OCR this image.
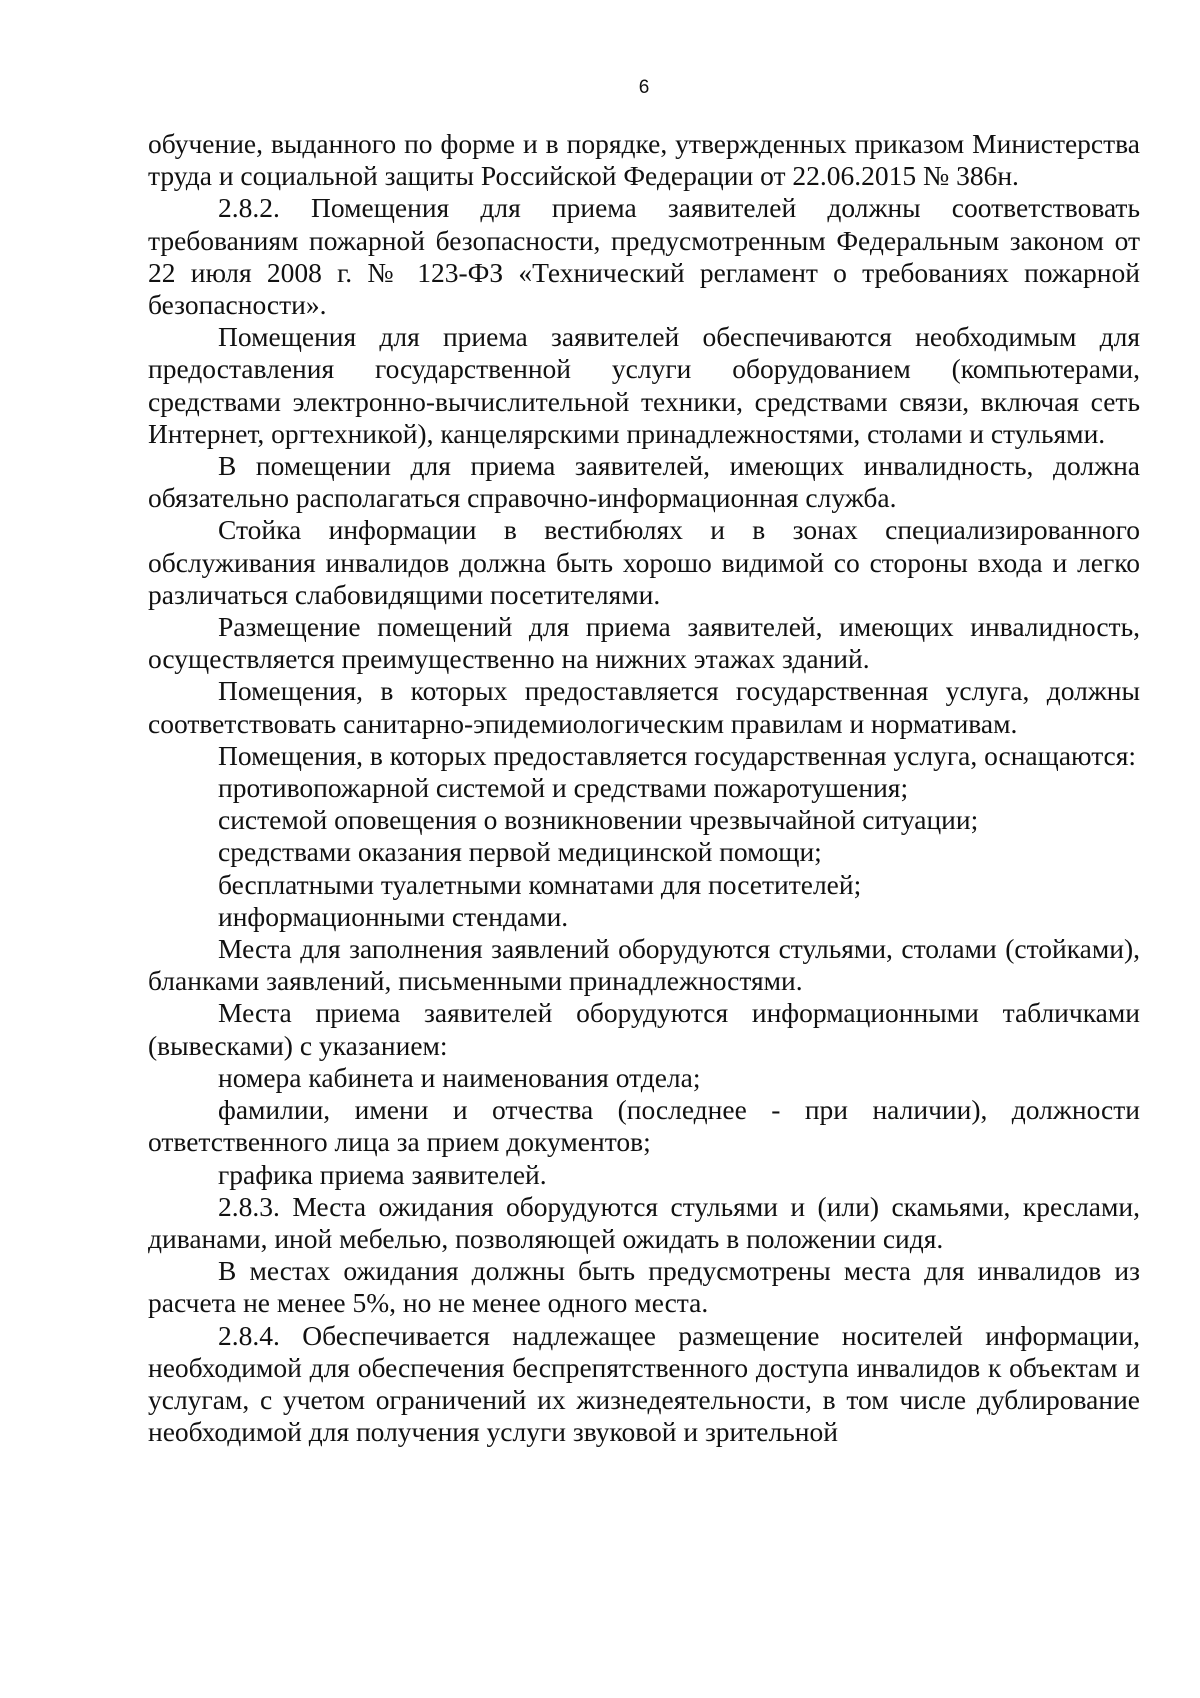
6

обучение, выданного по форме и в порядке, утвержденных приказом Министерства труда и социальной защиты Российской Федерации от 22.06.2015 № 386н.

2.8.2. Помещения для приема заявителей должны соответствовать требованиям пожарной безопасности, предусмотренным Федеральным законом от 22 июля 2008 г. № 123-ФЗ «Технический регламент о требованиях пожарной безопасности».

Помещения для приема заявителей обеспечиваются необходимым для предоставления государственной услуги оборудованием (компьютерами, средствами электронно-вычислительной техники, средствами связи, включая сеть Интернет, оргтехникой), канцелярскими принадлежностями, столами и стульями.

В помещении для приема заявителей, имеющих инвалидность, должна обязательно располагаться справочно-информационная служба.

Стойка информации в вестибюлях и в зонах специализированного обслуживания инвалидов должна быть хорошо видимой со стороны входа и легко различаться слабовидящими посетителями.

Размещение помещений для приема заявителей, имеющих инвалидность, осуществляется преимущественно на нижних этажах зданий.

Помещения, в которых предоставляется государственная услуга, должны соответствовать санитарно-эпидемиологическим правилам и нормативам.

Помещения, в которых предоставляется государственная услуга, оснащаются:

противопожарной системой и средствами пожаротушения;

системой оповещения о возникновении чрезвычайной ситуации;

средствами оказания первой медицинской помощи;

бесплатными туалетными комнатами для посетителей;

информационными стендами.

Места для заполнения заявлений оборудуются стульями, столами (стойками), бланками заявлений, письменными принадлежностями.

Места приема заявителей оборудуются информационными табличками (вывесками) с указанием:

номера кабинета и наименования отдела;

фамилии, имени и отчества (последнее - при наличии), должности ответственного лица за прием документов;

графика приема заявителей.

2.8.3. Места ожидания оборудуются стульями и (или) скамьями, креслами, диванами, иной мебелью, позволяющей ожидать в положении сидя.

В местах ожидания должны быть предусмотрены места для инвалидов из расчета не менее 5%, но не менее одного места.

2.8.4. Обеспечивается надлежащее размещение носителей информации, необходимой для обеспечения беспрепятственного доступа инвалидов к объектам и услугам, с учетом ограничений их жизнедеятельности, в том числе дублирование необходимой для получения услуги звуковой и зрительной
